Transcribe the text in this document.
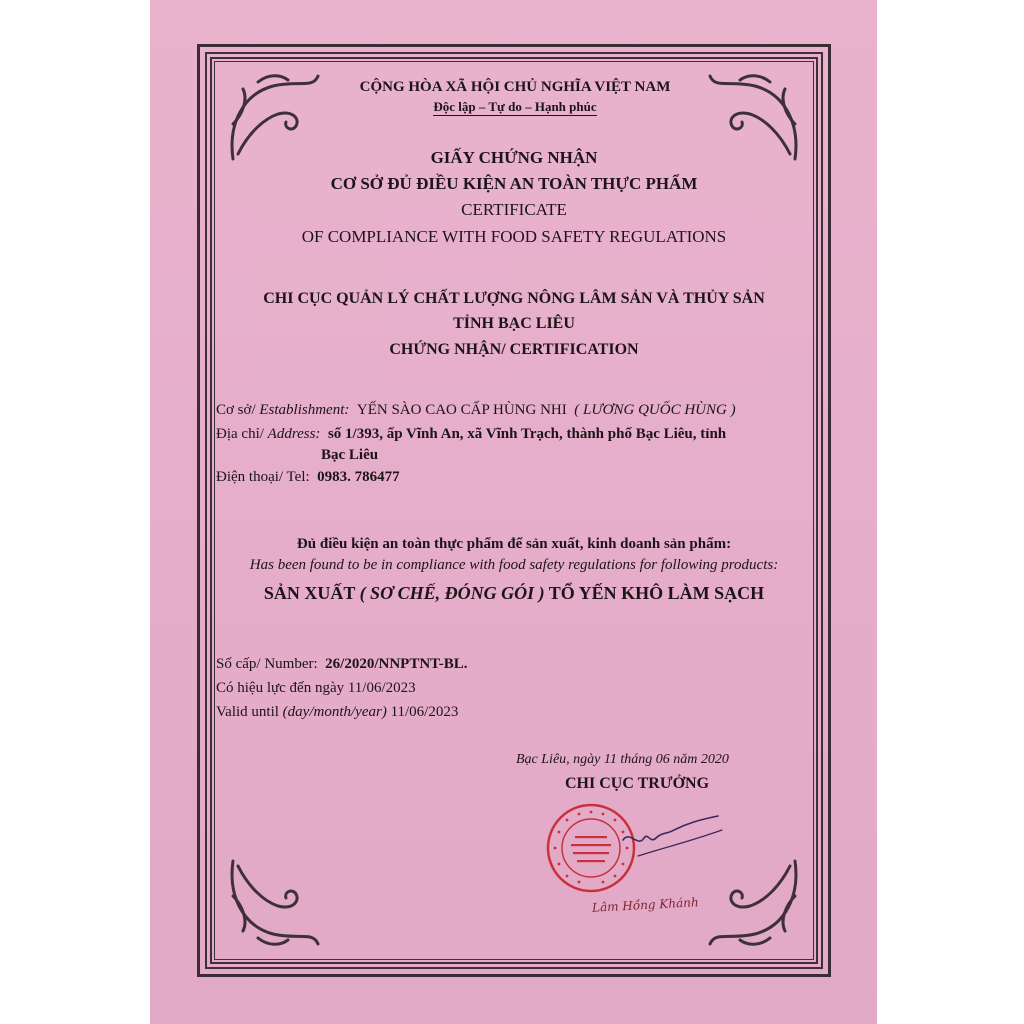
CỘNG HÒA XÃ HỘI CHỦ NGHĨA VIỆT NAM
Độc lập – Tự do – Hạnh phúc
GIẤY CHỨNG NHẬN
CƠ SỞ ĐỦ ĐIỀU KIỆN AN TOÀN THỰC PHẨM
CERTIFICATE
OF COMPLIANCE WITH FOOD SAFETY REGULATIONS
CHI CỤC QUẢN LÝ CHẤT LƯỢNG NÔNG LÂM SẢN VÀ THỦY SẢN
TỈNH BẠC LIÊU
CHỨNG NHẬN/ CERTIFICATION
Cơ sở/ Establishment: YẾN SÀO CAO CẤP HÙNG NHI ( LƯƠNG QUỐC HÙNG )
Địa chỉ/ Address: số 1/393, ấp Vĩnh An, xã Vĩnh Trạch, thành phố Bạc Liêu, tỉnh
Bạc Liêu
Điện thoại/ Tel: 0983. 786477
Đủ điều kiện an toàn thực phẩm để sản xuất, kinh doanh sản phẩm:
Has been found to be in compliance with food safety regulations for following products:
SẢN XUẤT ( SƠ CHẾ, ĐÓNG GÓI ) TỔ YẾN KHÔ LÀM SẠCH
Số cấp/ Number: 26/2020/NNPTNT-BL.
Có hiệu lực đến ngày 11/06/2023
Valid until (day/month/year) 11/06/2023
Bạc Liêu, ngày 11 tháng 06 năm 2020
CHI CỤC TRƯỞNG
Lâm Hồng Khánh
